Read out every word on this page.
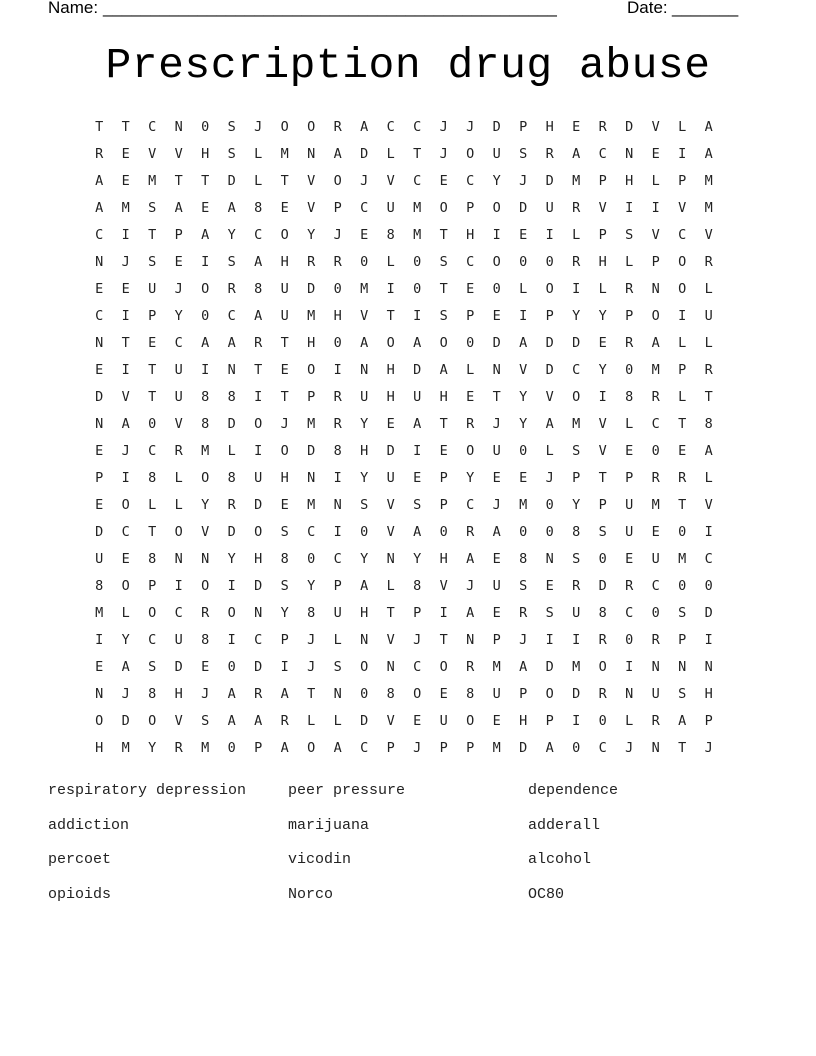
Name: ________________________________________________	Date: _______
Prescription drug abuse
T	T	C	N	0	S	J	O	O	R	A	C	C	J	J	D	P	H	E	R	D	V	L	A
R	E	V	V	H	S	L	M	N	A	D	L	T	J	O	U	S	R	A	C	N	E	I	A
A	E	M	T	T	D	L	T	V	O	J	V	C	E	C	Y	J	D	M	P	H	L	P	M
A	M	S	A	E	A	8	E	V	P	C	U	M	O	P	O	D	U	R	V	I	I	V	M
C	I	T	P	A	Y	C	O	Y	J	E	8	M	T	H	I	E	I	L	P	S	V	C	V
N	J	S	E	I	S	A	H	R	R	0	L	0	S	C	O	0	0	R	H	L	P	O	R
E	E	U	J	O	R	8	U	D	0	M	I	0	T	E	0	L	O	I	L	R	N	O	L
C	I	P	Y	0	C	A	U	M	H	V	T	I	S	P	E	I	P	Y	Y	P	O	I	U
N	T	E	C	A	A	R	T	H	0	A	O	A	O	0	D	A	D	D	E	R	A	L	L
E	I	T	U	I	N	T	E	O	I	N	H	D	A	L	N	V	D	C	Y	0	M	P	R
D	V	T	U	8	8	I	T	P	R	U	H	U	H	E	T	Y	V	O	I	8	R	L	T
N	A	0	V	8	D	O	J	M	R	Y	E	A	T	R	J	Y	A	M	V	L	C	T	8
E	J	C	R	M	L	I	O	D	8	H	D	I	E	O	U	0	L	S	V	E	0	E	A
P	I	8	L	O	8	U	H	N	I	Y	U	E	P	Y	E	E	J	P	T	P	R	R	L
E	O	L	L	Y	R	D	E	M	N	S	V	S	P	C	J	M	0	Y	P	U	M	T	V
D	C	T	O	V	D	O	S	C	I	0	V	A	0	R	A	0	0	8	S	U	E	0	I
U	E	8	N	N	Y	H	8	0	C	Y	N	Y	H	A	E	8	N	S	0	E	U	M	C
8	O	P	I	O	I	D	S	Y	P	A	L	8	V	J	U	S	E	R	D	R	C	0	0
M	L	O	C	R	O	N	Y	8	U	H	T	P	I	A	E	R	S	U	8	C	0	S	D
I	Y	C	U	8	I	C	P	J	L	N	V	J	T	N	P	J	I	I	R	0	R	P	I
E	A	S	D	E	0	D	I	J	S	O	N	C	O	R	M	A	D	M	O	I	N	N	N
N	J	8	H	J	A	R	A	T	N	0	8	O	E	8	U	P	O	D	R	N	U	S	H
O	D	O	V	S	A	A	R	L	L	D	V	E	U	O	E	H	P	I	0	L	R	A	P
H	M	Y	R	M	0	P	A	O	A	C	P	J	P	P	M	D	A	0	C	J	N	T	J
respiratory depression	peer pressure	dependence
addiction	marijuana	adderall
percoet	vicodin	alcohol
opioids	Norco	OC80
